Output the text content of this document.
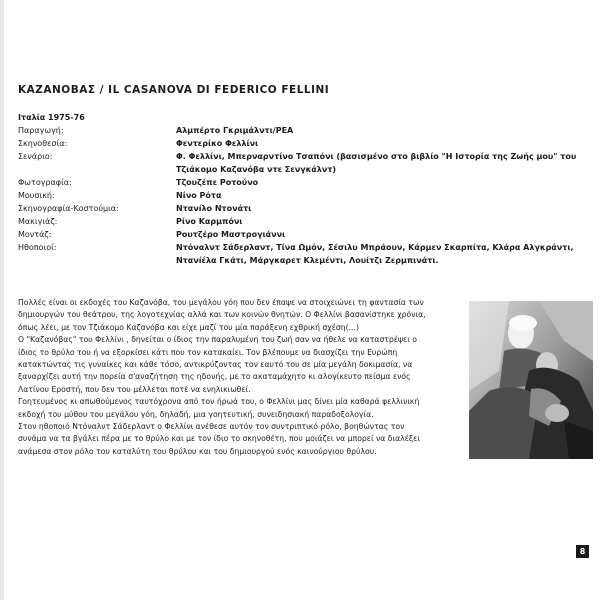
ΚΑΖΑΝΟΒΑΣ / IL CASANOVA DI FEDERICO FELLINI
Ιταλία 1975-76
Παραγωγή:	Αλμπέρτο Γκριμάλντι/PEA
Σκηνοθεσία:	Φεντερίκο Φελλίνι
Σενάριο:	Φ. Φελλίνι, Μπερναρντίνο Τσαπόνι (βασισμένο στο βιβλίο "Η Ιστορία της Ζωής μου" του
Τζιάκομο Καζανόβα ντε Σενγκάλντ)
Φωτογραφία:	Τζουζέπε Ροτούνο
Μουσική:	Νίνο Ρότα
Σκηνογραφία-Κοστούμια:	Ντανíλο Ντονάτι
Μακιγιάζ:	Ρίνο Καρμπόνι
Μοντάζ:	Ρουτζέρο Μαστρογιάννι
Ηθοποιοί:	Ντόναλντ Σάδερλαντ, Τίνα Ωμόν, Σέσιλυ Μπράουν, Κάρμεν Σκαρπίτα, Κλάρα Αλγκράντι,
Ντανíέλα Γκάτι, Μάργκαρετ Κλεμέντι, Λουίτζι Ζερμπινάτι.
Πολλές είναι οι εκδοχές του Καζανόβα, του μεγάλου γόη που δεν έπαψε να στοιχειώνει τη φαντασία των
δημιουργών του θεάτρου, της λογοτεχνίας αλλά και των κοινών θνητών. Ο Φελλίνι βασανίστηκε χρόνια,
όπως λέει, με τον Τζιάκομο Καζανόβα και είχε μαζί του μία παράξενη εχθρική σχέση(...)
Ο "Καζανόβας" του Φελλίνι , δηνείται ο ίδιος την παραλυμένη του ζωή σαν να ήθελε να καταστρέψει ο
ίδιος το θρύλο του ή να εξορκίσει κάτι που τον κατακαίει. Τον βλέπουμε να διασχίζει την Ευρώπη
κατακτώντας τις γυναίκες και κάθε τόσο, αντικρύζοντας τον εαυτό του σε μία μεγάλη δοκιμασία, να
ξαναρχίζει αυτή την πορεία σ'αναζήτηση της ηδονής, με το ακαταμάχητο κι αλογίκευτο πείσμα ενός
Λατίνου Εροστή, που δεν του μέλλεται ποτέ να ενηλικιωθεί.
Γοητευμένος κι απωθούμενος ταυτόχρονα από τον ήρωά του, ο Φελλίνι μας δίνει μία καθαρά φελλινική
εκδοχή του μύθου του μεγάλου γόη, δηλαδή, μια γοητευτική, συνειδησιακή παραδοξολογία.
Στον ηθοποιό Ντόναλντ Σάδερλαντ ο Φελλίνι ανέθεσε αυτόν τον συντριπτικό ρόλο, βοηθώντας τον
συνάμα να τα βγάλει πέρα με το θρύλο και με τον ίδιο το σκηνοθέτη, που μοιάζει να μπορεί να διαλέξει
ανάμεσα στον ρόλο του καταλύτη του θρύλου και του δημιουργού ενός καινούργιου θρύλου.
8
